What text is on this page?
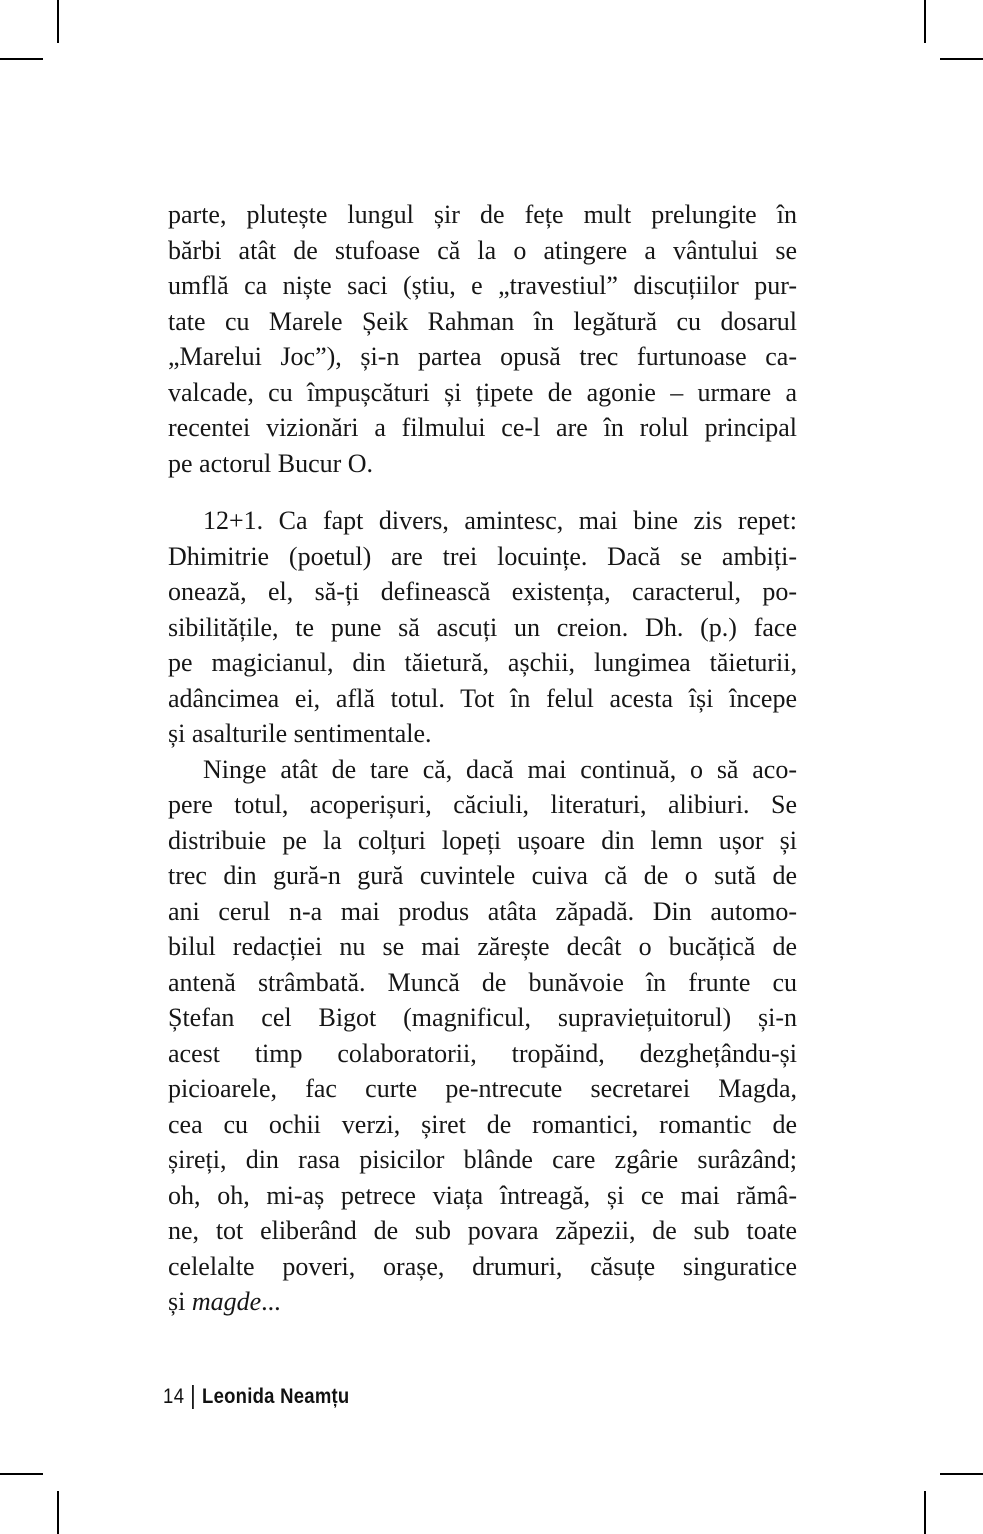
parte, plutește lungul șir de fețe mult prelungite în
bărbi atât de stufoase că la o atingere a vântului se
umflă ca niște saci (știu, e „travestiul” discuțiilor pur-
tate cu Marele Șeik Rahman în legătură cu dosarul
„Marelui Joc”), și-n partea opusă trec furtunoase ca-
valcade, cu împușcături și țipete de agonie – urmare a
recentei vizionări a filmului ce-l are în rolul principal
pe actorul Bucur O.
12+1. Ca fapt divers, amintesc, mai bine zis repet:
Dhimitrie (poetul) are trei locuințe. Dacă se ambiți-
onează, el, să-ți definească existența, caracterul, po-
sibilitățile, te pune să ascuți un creion. Dh. (p.) face
pe magicianul, din tăietură, așchii, lungimea tăieturii,
adâncimea ei, află totul. Tot în felul acesta își începe
și asalturile sentimentale.
Ninge atât de tare că, dacă mai continuă, o să aco-
pere totul, acoperișuri, căciuli, literaturi, alibiuri. Se
distribuie pe la colțuri lopeți ușoare din lemn ușor și
trec din gură-n gură cuvintele cuiva că de o sută de
ani cerul n-a mai produs atâta zăpadă. Din automo-
bilul redacției nu se mai zărește decât o bucățică de
antenă strâmbată. Muncă de bunăvoie în frunte cu
Ștefan cel Bigot (magnificul, supraviețuitorul) și-n
acest timp colaboratorii, tropăind, dezghețându-și
picioarele, fac curte pe-ntrecute secretarei Magda,
cea cu ochii verzi, șiret de romantici, romantic de
șireți, din rasa pisicilor blânde care zgârie surâzând;
oh, oh, mi-aș petrece viața întreagă, și ce mai rămâ-
ne, tot eliberând de sub povara zăpezii, de sub toate
celelalte poveri, orașe, drumuri, căsuțe singuratice
și magde...
14 Leonida Neamțu
